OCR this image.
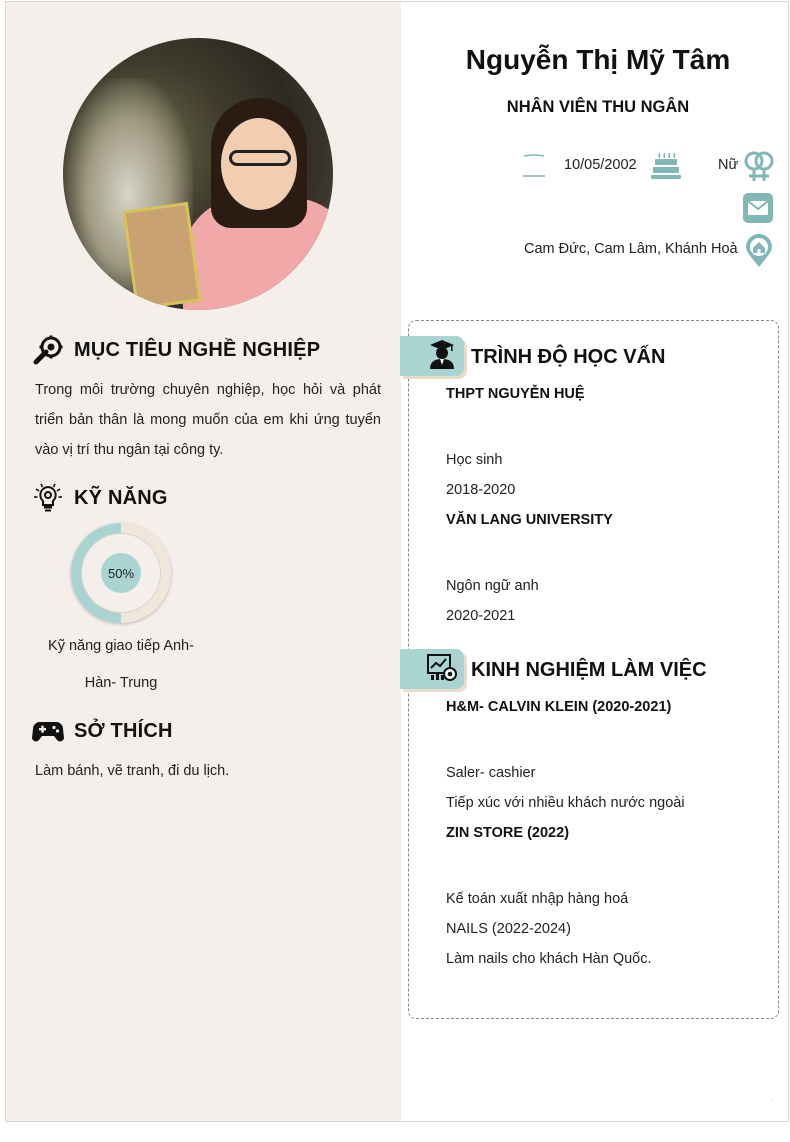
MỤC TIÊU NGHỀ NGHIỆP
Trong môi trường chuyên nghiệp, học hỏi và phát triển bản thân là mong muốn của em khi ứng tuyển vào vị trí thu ngân tại công ty.
KỸ NĂNG
50%
Kỹ năng giao tiếp Anh- Hàn- Trung
SỞ THÍCH
Làm bánh, vẽ tranh, đi du lịch.
Nguyễn Thị Mỹ Tâm
NHÂN VIÊN THU NGÂN
10/05/2002	Nữ
Cam Đức, Cam Lâm, Khánh Hoà
TRÌNH ĐỘ HỌC VẤN
THPT NGUYỄN HUỆ
Học sinh
2018-2020
VĂN LANG UNIVERSITY
Ngôn ngữ anh
2020-2021
KINH NGHIỆM LÀM VIỆC
H&M- CALVIN KLEIN (2020-2021)
Saler- cashier
Tiếp xúc với nhiều khách nước ngoài
ZIN STORE (2022)
Kế toán xuất nhập hàng hoá
NAILS (2022-2024)
Làm nails cho khách Hàn Quốc.
.
